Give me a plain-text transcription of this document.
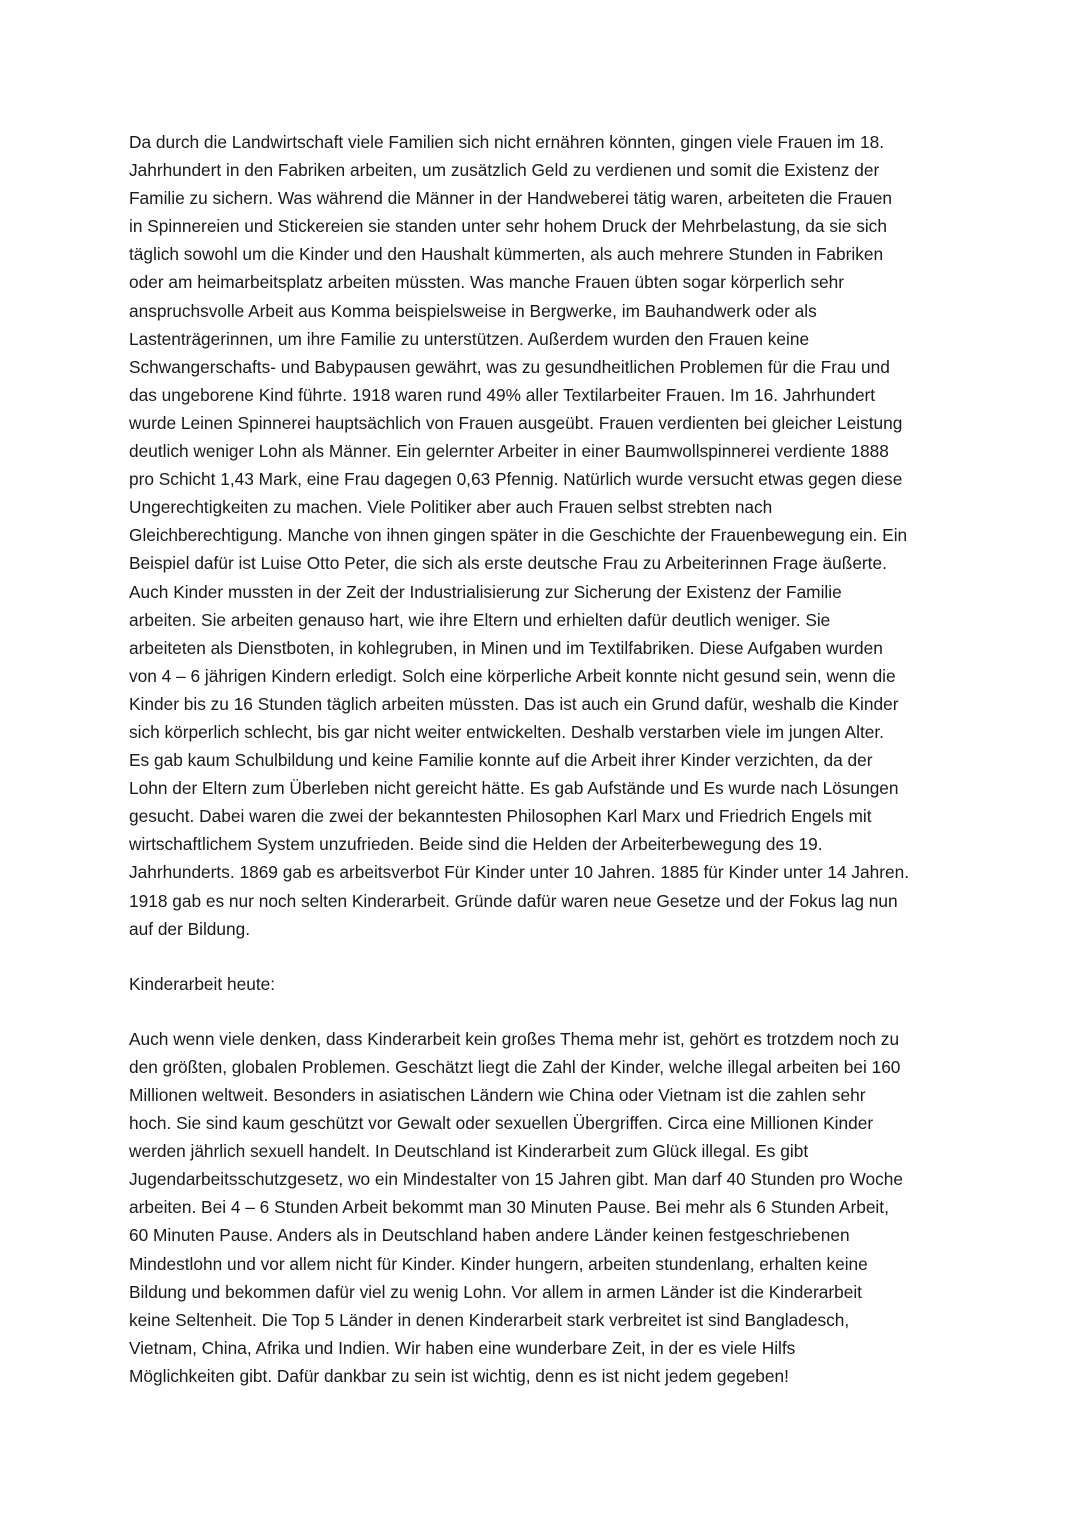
Da durch die Landwirtschaft viele Familien sich nicht ernähren könnten, gingen viele Frauen im 18.
Jahrhundert in den Fabriken arbeiten, um zusätzlich Geld zu verdienen und somit die Existenz der
Familie zu sichern. Was während die Männer in der Handweberei tätig waren, arbeiteten die Frauen
in Spinnereien und Stickereien sie standen unter sehr hohem Druck der Mehrbelastung, da sie sich
täglich sowohl um die Kinder und den Haushalt kümmerten, als auch mehrere Stunden in Fabriken
oder am heimarbeitsplatz arbeiten müssten. Was manche Frauen übten sogar körperlich sehr
anspruchsvolle Arbeit aus Komma beispielsweise in Bergwerke, im Bauhandwerk oder als
Lastenträgerinnen, um ihre Familie zu unterstützen. Außerdem wurden den Frauen keine
Schwangerschafts- und Babypausen gewährt, was zu gesundheitlichen Problemen für die Frau und
das ungeborene Kind führte. 1918 waren rund 49% aller Textilarbeiter Frauen. Im 16. Jahrhundert
wurde Leinen Spinnerei hauptsächlich von Frauen ausgeübt. Frauen verdienten bei gleicher Leistung
deutlich weniger Lohn als Männer. Ein gelernter Arbeiter in einer Baumwollspinnerei verdiente 1888
pro Schicht 1,43 Mark, eine Frau dagegen 0,63 Pfennig. Natürlich wurde versucht etwas gegen diese
Ungerechtigkeiten zu machen. Viele Politiker aber auch Frauen selbst strebten nach
Gleichberechtigung. Manche von ihnen gingen später in die Geschichte der Frauenbewegung ein. Ein
Beispiel dafür ist Luise Otto Peter, die sich als erste deutsche Frau zu Arbeiterinnen Frage äußerte.
Auch Kinder mussten in der Zeit der Industrialisierung zur Sicherung der Existenz der Familie
arbeiten. Sie arbeiten genauso hart, wie ihre Eltern und erhielten dafür deutlich weniger. Sie
arbeiteten als Dienstboten, in kohlegruben, in Minen und im Textilfabriken. Diese Aufgaben wurden
von 4 – 6 jährigen Kindern erledigt. Solch eine körperliche Arbeit konnte nicht gesund sein, wenn die
Kinder bis zu 16 Stunden täglich arbeiten müssten. Das ist auch ein Grund dafür, weshalb die Kinder
sich körperlich schlecht, bis gar nicht weiter entwickelten. Deshalb verstarben viele im jungen Alter.
Es gab kaum Schulbildung und keine Familie konnte auf die Arbeit ihrer Kinder verzichten, da der
Lohn der Eltern zum Überleben nicht gereicht hätte. Es gab Aufstände und Es wurde nach Lösungen
gesucht. Dabei waren die zwei der bekanntesten Philosophen Karl Marx und Friedrich Engels mit
wirtschaftlichem System unzufrieden. Beide sind die Helden der Arbeiterbewegung des 19.
Jahrhunderts. 1869 gab es arbeitsverbot Für Kinder unter 10 Jahren. 1885 für Kinder unter 14 Jahren.
1918 gab es nur noch selten Kinderarbeit. Gründe dafür waren neue Gesetze und der Fokus lag nun
auf der Bildung.

Kinderarbeit heute:

Auch wenn viele denken, dass Kinderarbeit kein großes Thema mehr ist, gehört es trotzdem noch zu
den größten, globalen Problemen. Geschätzt liegt die Zahl der Kinder, welche illegal arbeiten bei 160
Millionen weltweit. Besonders in asiatischen Ländern wie China oder Vietnam ist die zahlen sehr
hoch. Sie sind kaum geschützt vor Gewalt oder sexuellen Übergriffen. Circa eine Millionen Kinder
werden jährlich sexuell handelt. In Deutschland ist Kinderarbeit zum Glück illegal. Es gibt
Jugendarbeitsschutzgesetz, wo ein Mindestalter von 15 Jahren gibt. Man darf 40 Stunden pro Woche
arbeiten. Bei 4 – 6 Stunden Arbeit bekommt man 30 Minuten Pause. Bei mehr als 6 Stunden Arbeit,
60 Minuten Pause. Anders als in Deutschland haben andere Länder keinen festgeschriebenen
Mindestlohn und vor allem nicht für Kinder. Kinder hungern, arbeiten stundenlang, erhalten keine
Bildung und bekommen dafür viel zu wenig Lohn. Vor allem in armen Länder ist die Kinderarbeit
keine Seltenheit. Die Top 5 Länder in denen Kinderarbeit stark verbreitet ist sind Bangladesch,
Vietnam, China, Afrika und Indien. Wir haben eine wunderbare Zeit, in der es viele Hilfs
Möglichkeiten gibt. Dafür dankbar zu sein ist wichtig, denn es ist nicht jedem gegeben!
